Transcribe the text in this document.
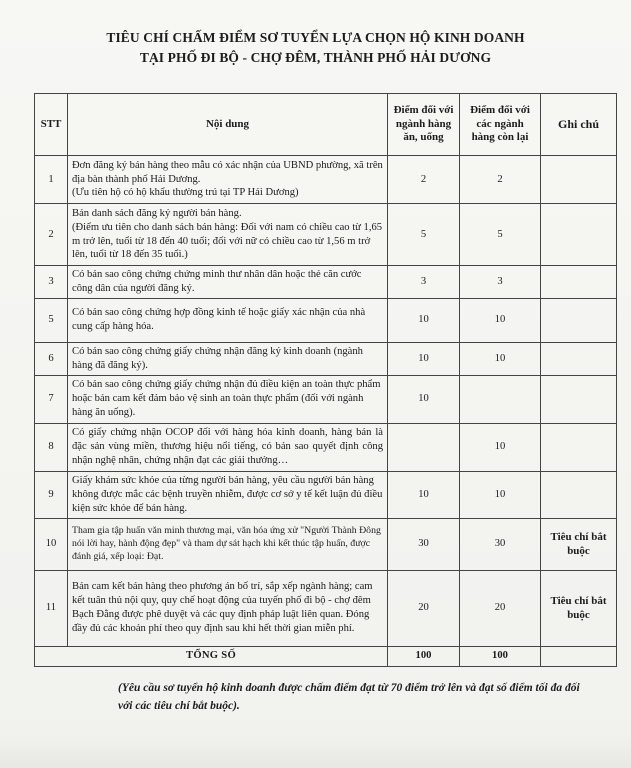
TIÊU CHÍ CHẤM ĐIỂM SƠ TUYỂN LỰA CHỌN HỘ KINH DOANH
TẠI PHỐ ĐI BỘ - CHỢ ĐÊM, THÀNH PHỐ HẢI DƯƠNG
STT	Nội dung	Điểm đối với ngành hàng ăn, uống	Điểm đối với các ngành hàng còn lại	Ghi chú
1	Đơn đăng ký bán hàng theo mẫu có xác nhận của UBND phường, xã trên địa bàn thành phố Hải Dương.
(Ưu tiên hộ có hộ khẩu thường trú tại TP Hải Dương)	2	2	
2	Bản danh sách đăng ký người bán hàng.
(Điểm ưu tiên cho danh sách bán hàng: Đối với nam có chiều cao từ 1,65 m trở lên, tuổi từ 18 đến 40 tuổi; đối với nữ có chiều cao từ 1,56 m trở lên, tuổi từ 18 đến 35 tuổi.)	5	5	
3	Có bản sao công chứng chứng minh thư nhân dân hoặc thẻ căn cước công dân của người đăng ký.	3	3	
5	Có bản sao công chứng hợp đồng kinh tế hoặc giấy xác nhận của nhà cung cấp hàng hóa.	10	10	
6	Có bản sao công chứng giấy chứng nhận đăng ký kinh doanh (ngành hàng đã đăng ký).	10	10	
7	Có bản sao công chứng giấy chứng nhận đủ điều kiện an toàn thực phẩm hoặc bản cam kết đảm bảo vệ sinh an toàn thực phẩm (đối với ngành hàng ăn uống).	10		
8	Có giấy chứng nhận OCOP đối với hàng hóa kinh doanh, hàng bán là đặc sản vùng miền, thương hiệu nổi tiếng, có bản sao quyết định công nhận nghệ nhân, chứng nhận đạt các giải thưởng…		10	
9	Giấy khám sức khỏe của từng người bán hàng, yêu cầu người bán hàng không được mắc các bệnh truyền nhiễm, được cơ sở y tế kết luận đủ điều kiện sức khỏe để bán hàng.	10	10	
10	Tham gia tập huấn văn minh thương mại, văn hóa ứng xử "Người Thành Đông nói lời hay, hành động đẹp" và tham dự sát hạch khi kết thúc tập huấn, được đánh giá, xếp loại: Đạt.	30	30	Tiêu chí bắt buộc
11	Bản cam kết bán hàng theo phương án bố trí, sắp xếp ngành hàng; cam kết tuân thủ nội quy, quy chế hoạt động của tuyến phố đi bộ - chợ đêm Bạch Đằng được phê duyệt và các quy định pháp luật liên quan. Đóng đầy đủ các khoản phí theo quy định sau khi hết thời gian miễn phí.	20	20	Tiêu chí bắt buộc
TỔNG SỐ		100	100	
(Yêu cầu sơ tuyển hộ kinh doanh được chấm điểm đạt từ 70 điểm trở lên và đạt số điểm tối đa đối với các tiêu chí bắt buộc).
